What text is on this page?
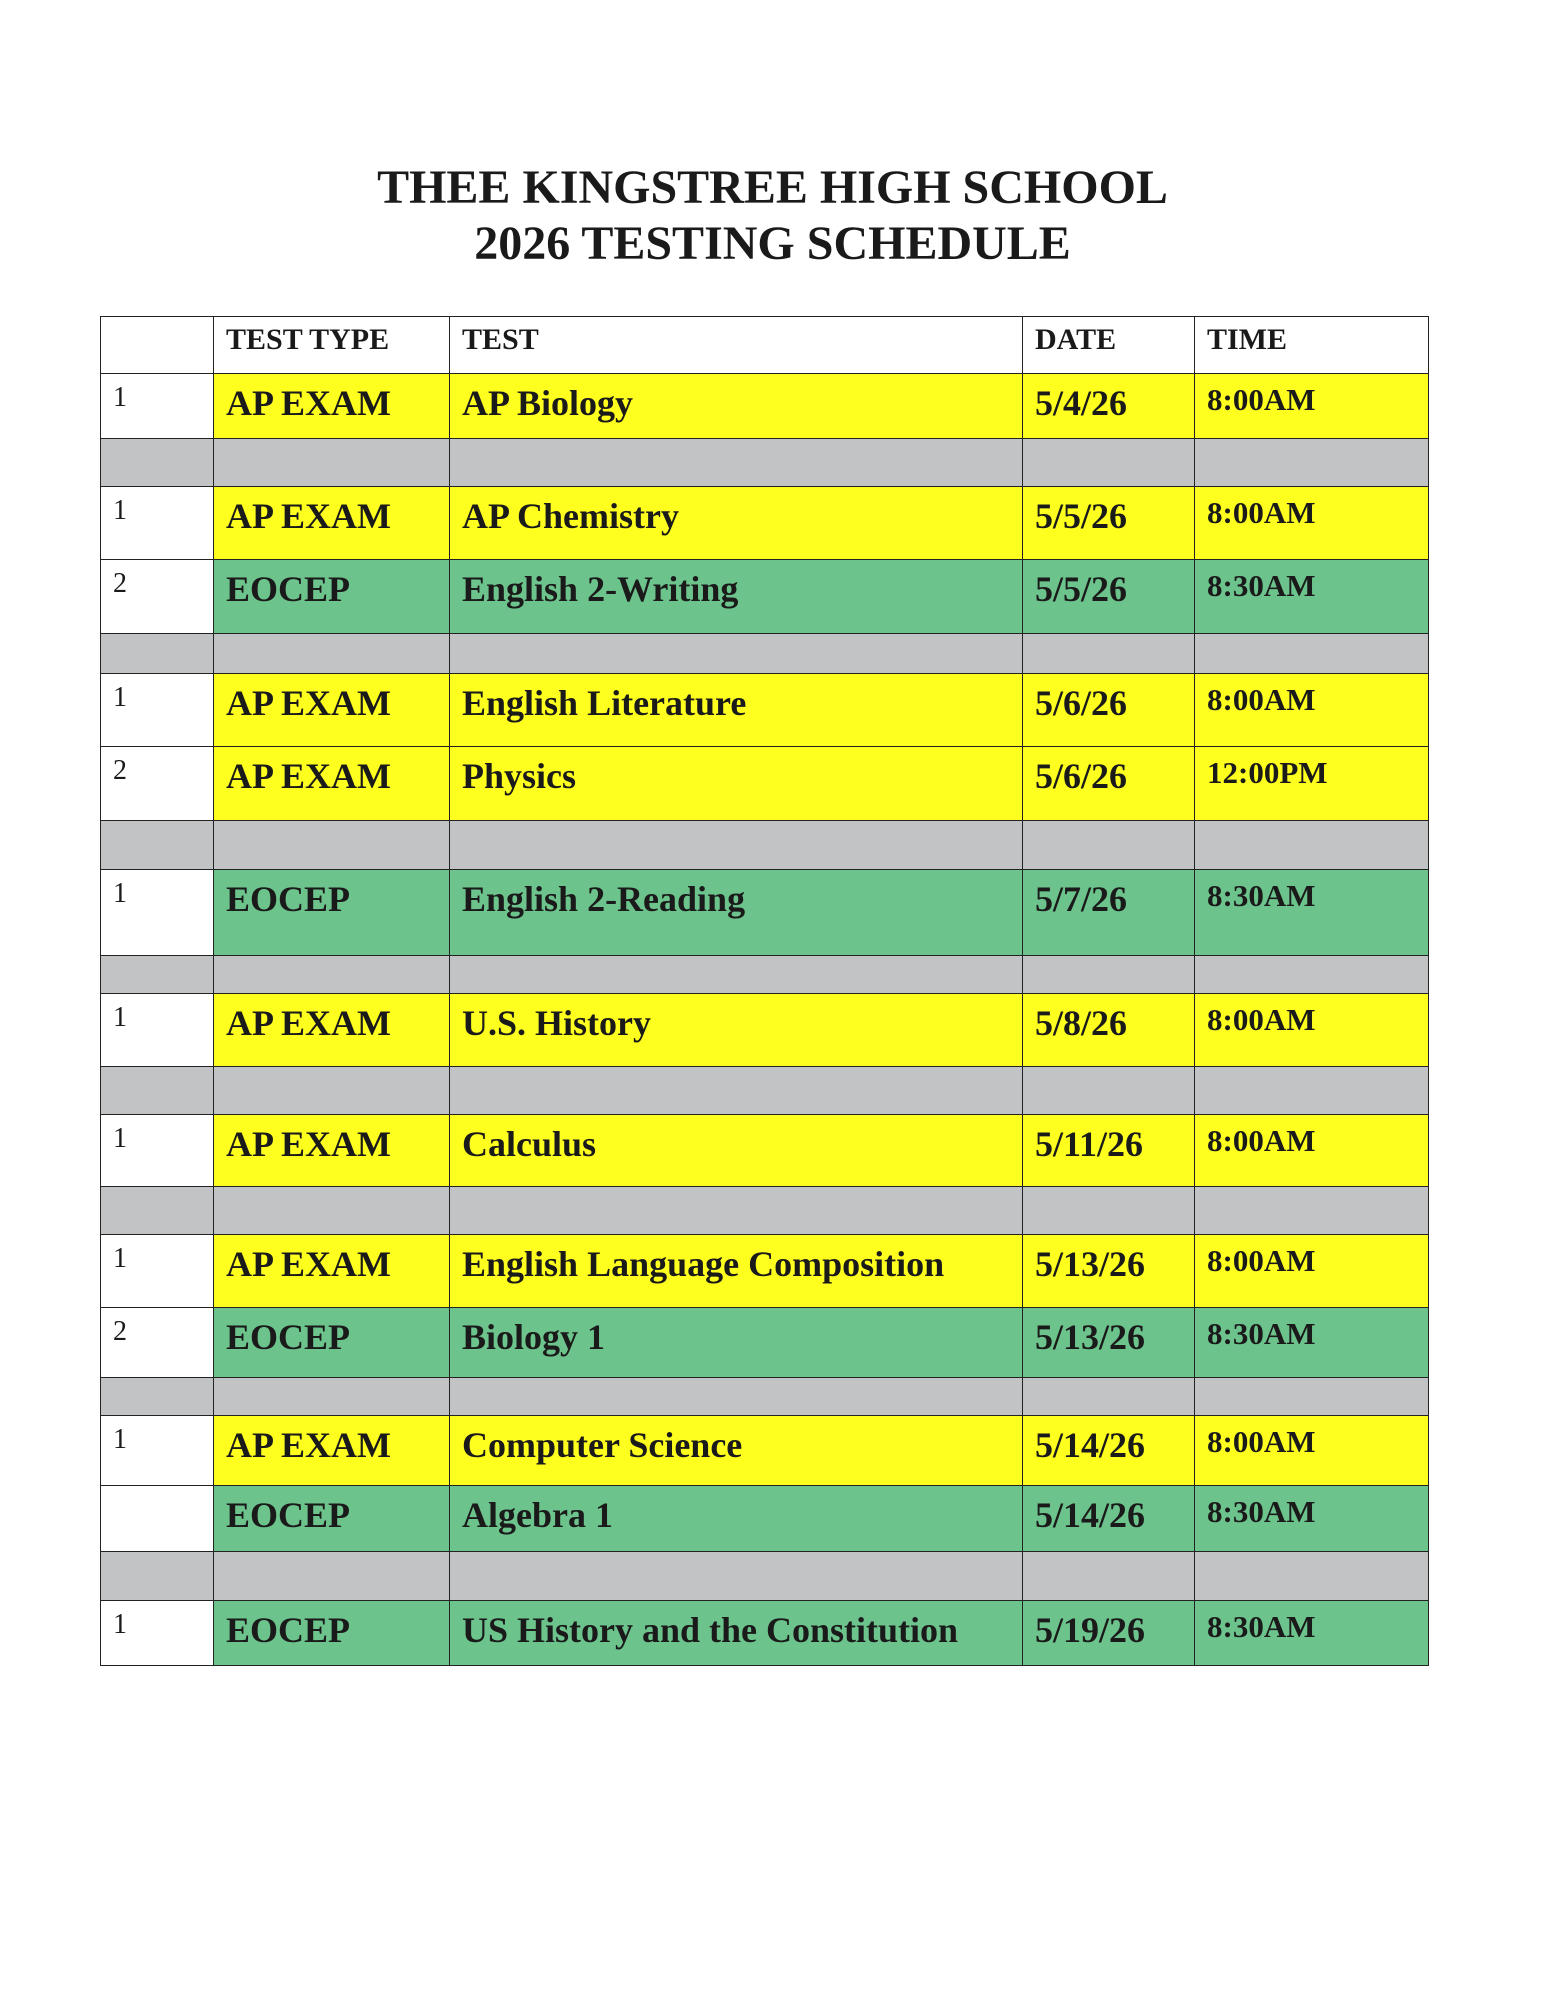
THEE KINGSTREE HIGH SCHOOL
2026 TESTING SCHEDULE
	TEST TYPE	TEST	DATE	TIME
1	AP EXAM	AP Biology	5/4/26	8:00AM

1	AP EXAM	AP Chemistry	5/5/26	8:00AM
2	EOCEP	English 2-Writing	5/5/26	8:30AM

1	AP EXAM	English Literature	5/6/26	8:00AM
2	AP EXAM	Physics	5/6/26	12:00PM

1	EOCEP	English 2-Reading	5/7/26	8:30AM

1	AP EXAM	U.S. History	5/8/26	8:00AM

1	AP EXAM	Calculus	5/11/26	8:00AM

1	AP EXAM	English Language Composition	5/13/26	8:00AM
2	EOCEP	Biology 1	5/13/26	8:30AM

1	AP EXAM	Computer Science	5/14/26	8:00AM
	EOCEP	Algebra 1	5/14/26	8:30AM

1	EOCEP	US History and the Constitution	5/19/26	8:30AM
